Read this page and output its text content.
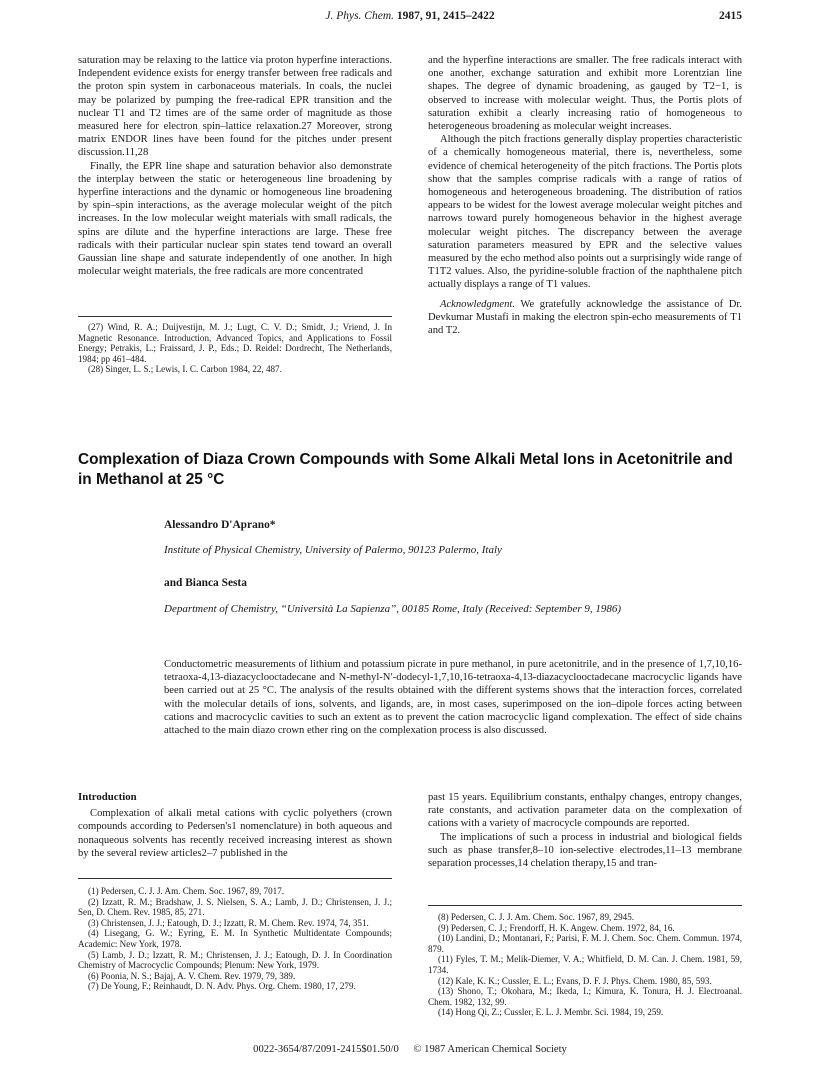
J. Phys. Chem. 1987, 91, 2415–2422	2415

saturation may be relaxing to the lattice via proton hyperfine interactions. Independent evidence exists for energy transfer between free radicals and the proton spin system in carbonaceous materials. In coals, the nuclei may be polarized by pumping the free-radical EPR transition and the nuclear T1 and T2 times are of the same order of magnitude as those measured here for electron spin–lattice relaxation.27 Moreover, strong matrix ENDOR lines have been found for the pitches under present discussion.11,28

Finally, the EPR line shape and saturation behavior also demonstrate the interplay between the static or heterogeneous line broadening by hyperfine interactions and the dynamic or homogeneous line broadening by spin–spin interactions, as the average molecular weight of the pitch increases. In the low molecular weight materials with small radicals, the spins are dilute and the hyperfine interactions are large. These free radicals with their particular nuclear spin states tend toward an overall Gaussian line shape and saturate independently of one another. In high molecular weight materials, the free radicals are more concentrated

(27) Wind, R. A.; Duijvestijn, M. J.; Lugt, C. V. D.; Smidt, J.; Vriend, J. In Magnetic Resonance. Introduction, Advanced Topics, and Applications to Fossil Energy; Petrakis, L.; Fraissard, J. P., Eds.; D. Reidel: Dordrecht, The Netherlands, 1984; pp 461–484.
(28) Singer, L. S.; Lewis, I. C. Carbon 1984, 22, 487.

and the hyperfine interactions are smaller. The free radicals interact with one another, exchange saturation and exhibit more Lorentzian line shapes. The degree of dynamic broadening, as gauged by T2−1, is observed to increase with molecular weight. Thus, the Portis plots of saturation exhibit a clearly increasing ratio of homogeneous to heterogeneous broadening as molecular weight increases.

Although the pitch fractions generally display properties characteristic of a chemically homogeneous material, there is, nevertheless, some evidence of chemical heterogeneity of the pitch fractions. The Portis plots show that the samples comprise radicals with a range of ratios of homogeneous and heterogeneous broadening. The distribution of ratios appears to be widest for the lowest average molecular weight pitches and narrows toward purely homogeneous behavior in the highest average molecular weight pitches. The discrepancy between the average saturation parameters measured by EPR and the selective values measured by the echo method also points out a surprisingly wide range of T1T2 values. Also, the pyridine-soluble fraction of the naphthalene pitch actually displays a range of T1 values.

Acknowledgment. We gratefully acknowledge the assistance of Dr. Devkumar Mustafi in making the electron spin-echo measurements of T1 and T2.

Complexation of Diaza Crown Compounds with Some Alkali Metal Ions in Acetonitrile and in Methanol at 25 °C
Alessandro D'Aprano*
Institute of Physical Chemistry, University of Palermo, 90123 Palermo, Italy
and Bianca Sesta
Department of Chemistry, “Università La Sapienza”, 00185 Rome, Italy (Received: September 9, 1986)
Conductometric measurements of lithium and potassium picrate in pure methanol, in pure acetonitrile, and in the presence of 1,7,10,16-tetraoxa-4,13-diazacyclooctadecane and N-methyl-N′-dodecyl-1,7,10,16-tetraoxa-4,13-diazacyclooctadecane macrocyclic ligands have been carried out at 25 °C. The analysis of the results obtained with the different systems shows that the interaction forces, correlated with the molecular details of ions, solvents, and ligands, are, in most cases, superimposed on the ion–dipole forces acting between cations and macrocyclic cavities to such an extent as to prevent the cation macrocyclic ligand complexation. The effect of side chains attached to the main diazo crown ether ring on the complexation process is also discussed.
Introduction

Complexation of alkali metal cations with cyclic polyethers (crown compounds according to Pedersen's1 nomenclature) in both aqueous and nonaqueous solvents has recently received increasing interest as shown by the several review articles2–7 published in the

past 15 years. Equilibrium constants, enthalpy changes, entropy changes, rate constants, and activation parameter data on the complexation of cations with a variety of macrocycle compounds are reported.

The implications of such a process in industrial and biological fields such as phase transfer,8–10 ion-selective electrodes,11–13 membrane separation processes,14 chelation therapy,15 and tran-

(1) Pedersen, C. J. J. Am. Chem. Soc. 1967, 89, 7017.
(2) Izzatt, R. M.; Bradshaw, J. S. Nielsen, S. A.; Lamb, J. D.; Christensen, J. J.; Sen, D. Chem. Rev. 1985, 85, 271.
(3) Christensen, J. J.; Eatough, D. J.; Izzatt, R. M. Chem. Rev. 1974, 74, 351.
(4) Lisegang, G. W.; Eyring, E. M. In Synthetic Multidentate Compounds; Academic: New York, 1978.
(5) Lamb, J. D.; Izzatt, R. M.; Christensen, J. J.; Eatough, D. J. In Coordination Chemistry of Macrocyclic Compounds; Plenum: New York, 1979.
(6) Poonia, N. S.; Bajaj, A. V. Chem. Rev. 1979, 79, 389.
(7) De Young, F.; Reinhaudt, D. N. Adv. Phys. Org. Chem. 1980, 17, 279.
(8) Pedersen, C. J. J. Am. Chem. Soc. 1967, 89, 2945.
(9) Pedersen, C. J.; Frendorff, H. K. Angew. Chem. 1972, 84, 16.
(10) Landini, D.; Montanari, F.; Parisi, F. M. J. Chem. Soc. Chem. Commun. 1974, 879.
(11) Fyles, T. M.; Melik-Diemer, V. A.; Whitfield, D. M. Can. J. Chem. 1981, 59, 1734.
(12) Kale, K. K.; Cussler, E. L.; Evans, D. F. J. Phys. Chem. 1980, 85, 593.
(13) Shono, T.; Okohara, M.; Ikeda, I.; Kimura, K. Tonura, H. J. Electroanal. Chem. 1982, 132, 99.
(14) Hong Qi, Z.; Cussler, E. L. J. Membr. Sci. 1984, 19, 259.
0022-3654/87/2091-2415$01.50/0 © 1987 American Chemical Society
